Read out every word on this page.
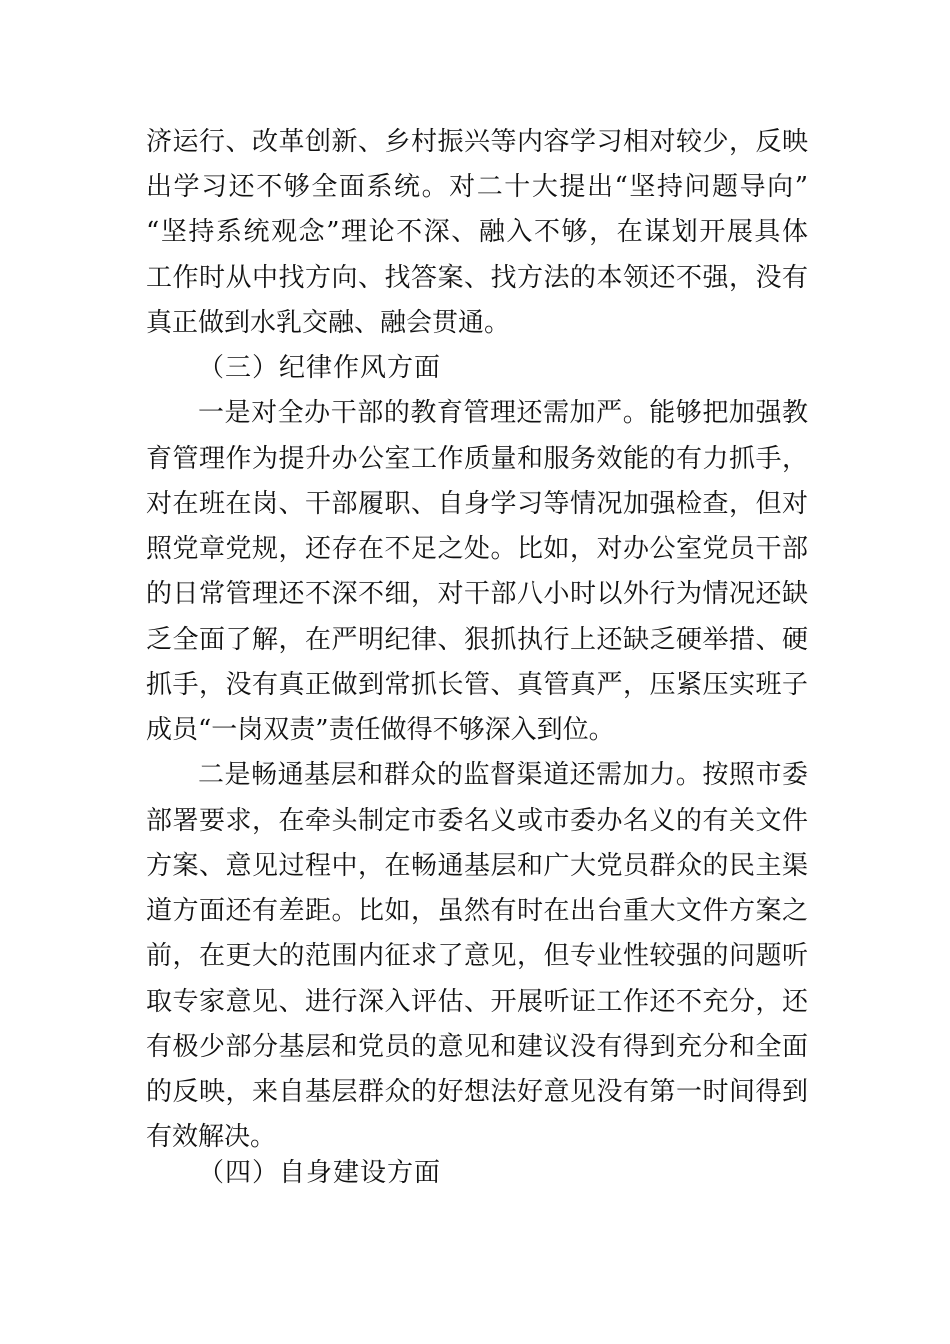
济运行、改革创新、乡村振兴等内容学习相对较少，反映
出学习还不够全面系统。对二十大提出“坚持问题导向”
“坚持系统观念”理论不深、融入不够，在谋划开展具体
工作时从中找方向、找答案、找方法的本领还不强，没有
真正做到水乳交融、融会贯通。
（三）纪律作风方面
一是对全办干部的教育管理还需加严。能够把加强教
育管理作为提升办公室工作质量和服务效能的有力抓手，
对在班在岗、干部履职、自身学习等情况加强检查，但对
照党章党规，还存在不足之处。比如，对办公室党员干部
的日常管理还不深不细，对干部八小时以外行为情况还缺
乏全面了解，在严明纪律、狠抓执行上还缺乏硬举措、硬
抓手，没有真正做到常抓长管、真管真严，压紧压实班子
成员“一岗双责”责任做得不够深入到位。
二是畅通基层和群众的监督渠道还需加力。按照市委
部署要求，在牵头制定市委名义或市委办名义的有关文件
方案、意见过程中，在畅通基层和广大党员群众的民主渠
道方面还有差距。比如，虽然有时在出台重大文件方案之
前，在更大的范围内征求了意见，但专业性较强的问题听
取专家意见、进行深入评估、开展听证工作还不充分，还
有极少部分基层和党员的意见和建议没有得到充分和全面
的反映，来自基层群众的好想法好意见没有第一时间得到
有效解决。
（四）自身建设方面
